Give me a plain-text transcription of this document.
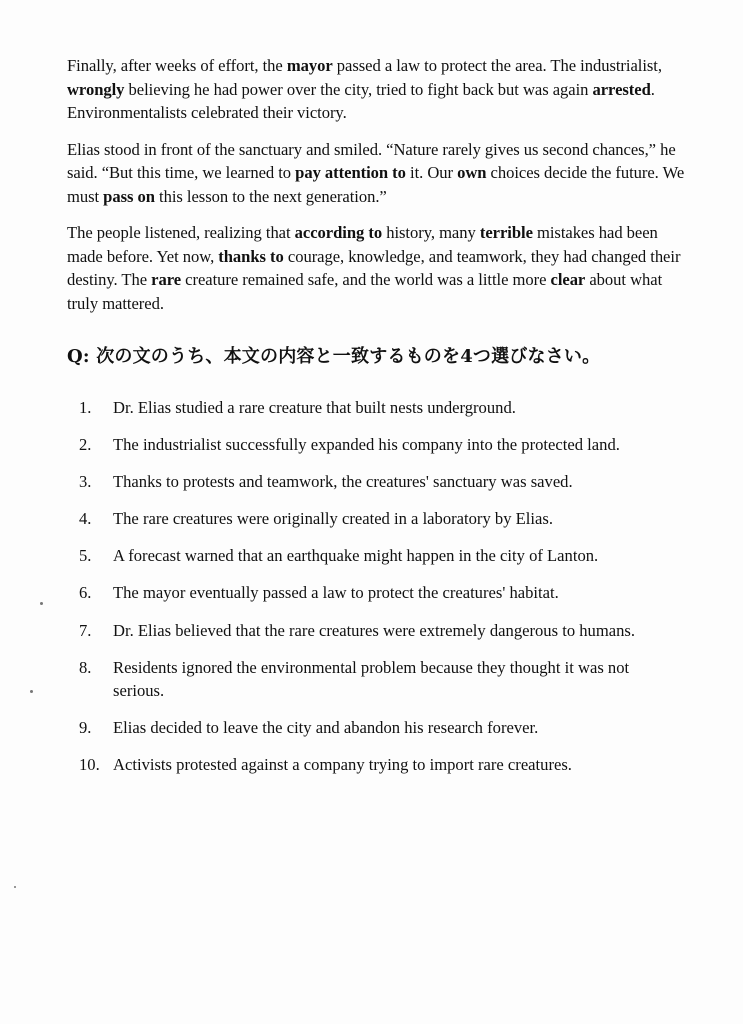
Finally, after weeks of effort, the mayor passed a law to protect the area. The industrialist, wrongly believing he had power over the city, tried to fight back but was again arrested. Environmentalists celebrated their victory.

Elias stood in front of the sanctuary and smiled. “Nature rarely gives us second chances,” he said. “But this time, we learned to pay attention to it. Our own choices decide the future. We must pass on this lesson to the next generation.”

The people listened, realizing that according to history, many terrible mistakes had been made before. Yet now, thanks to courage, knowledge, and teamwork, they had changed their destiny. The rare creature remained safe, and the world was a little more clear about what truly mattered.

Q: 次の文のうち、本文の内容と一致するものを4つ選びなさい。
1.	Dr. Elias studied a rare creature that built nests underground.
2.	The industrialist successfully expanded his company into the protected land.
3.	Thanks to protests and teamwork, the creatures' sanctuary was saved.
4.	The rare creatures were originally created in a laboratory by Elias.
5.	A forecast warned that an earthquake might happen in the city of Lanton.
6.	The mayor eventually passed a law to protect the creatures' habitat.
7.	Dr. Elias believed that the rare creatures were extremely dangerous to humans.
8.	Residents ignored the environmental problem because they thought it was not serious.
9.	Elias decided to leave the city and abandon his research forever.
10. Activists protested against a company trying to import rare creatures.
